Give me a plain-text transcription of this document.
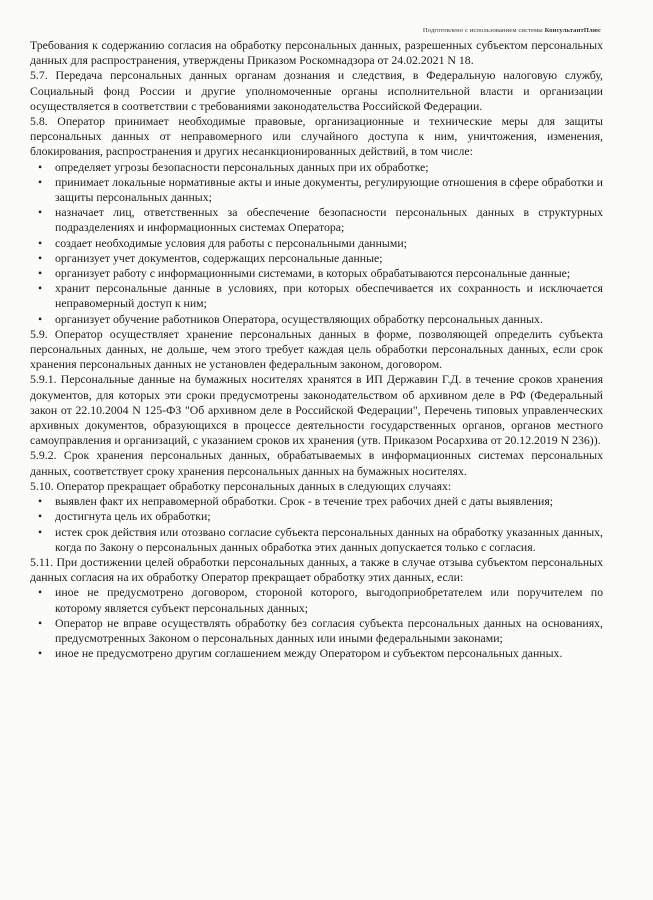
Подготовлено с использованием системы КонсультантПлюс

Требования к содержанию согласия на обработку персональных данных, разрешенных субъектом персональных данных для распространения, утверждены Приказом Роскомнадзора от 24.02.2021 N 18.

5.7. Передача персональных данных органам дознания и следствия, в Федеральную налоговую службу, Социальный фонд России и другие уполномоченные органы исполнительной власти и организации осуществляется в соответствии с требованиями законодательства Российской Федерации.

5.8. Оператор принимает необходимые правовые, организационные и технические меры для защиты персональных данных от неправомерного или случайного доступа к ним, уничтожения, изменения, блокирования, распространения и других несанкционированных действий, в том числе:

• определяет угрозы безопасности персональных данных при их обработке;
• принимает локальные нормативные акты и иные документы, регулирующие отношения в сфере обработки и защиты персональных данных;
• назначает лиц, ответственных за обеспечение безопасности персональных данных в структурных подразделениях и информационных системах Оператора;
• создает необходимые условия для работы с персональными данными;
• организует учет документов, содержащих персональные данные;
• организует работу с информационными системами, в которых обрабатываются персональные данные;
• хранит персональные данные в условиях, при которых обеспечивается их сохранность и исключается неправомерный доступ к ним;
• организует обучение работников Оператора, осуществляющих обработку персональных данных.

5.9. Оператор осуществляет хранение персональных данных в форме, позволяющей определить субъекта персональных данных, не дольше, чем этого требует каждая цель обработки персональных данных, если срок хранения персональных данных не установлен федеральным законом, договором.

5.9.1. Персональные данные на бумажных носителях хранятся в ИП Державин Г.Д. в течение сроков хранения документов, для которых эти сроки предусмотрены законодательством об архивном деле в РФ (Федеральный закон от 22.10.2004 N 125-ФЗ "Об архивном деле в Российской Федерации", Перечень типовых управленческих архивных документов, образующихся в процессе деятельности государственных органов, органов местного самоуправления и организаций, с указанием сроков их хранения (утв. Приказом Росархива от 20.12.2019 N 236)).

5.9.2. Срок хранения персональных данных, обрабатываемых в информационных системах персональных данных, соответствует сроку хранения персональных данных на бумажных носителях.

5.10. Оператор прекращает обработку персональных данных в следующих случаях:

• выявлен факт их неправомерной обработки. Срок - в течение трех рабочих дней с даты выявления;
• достигнута цель их обработки;
• истек срок действия или отозвано согласие субъекта персональных данных на обработку указанных данных, когда по Закону о персональных данных обработка этих данных допускается только с согласия.

5.11. При достижении целей обработки персональных данных, а также в случае отзыва субъектом персональных данных согласия на их обработку Оператор прекращает обработку этих данных, если:

• иное не предусмотрено договором, стороной которого, выгодоприобретателем или поручителем по которому является субъект персональных данных;
• Оператор не вправе осуществлять обработку без согласия субъекта персональных данных на основаниях, предусмотренных Законом о персональных данных или иными федеральными законами;
• иное не предусмотрено другим соглашением между Оператором и субъектом персональных данных.
